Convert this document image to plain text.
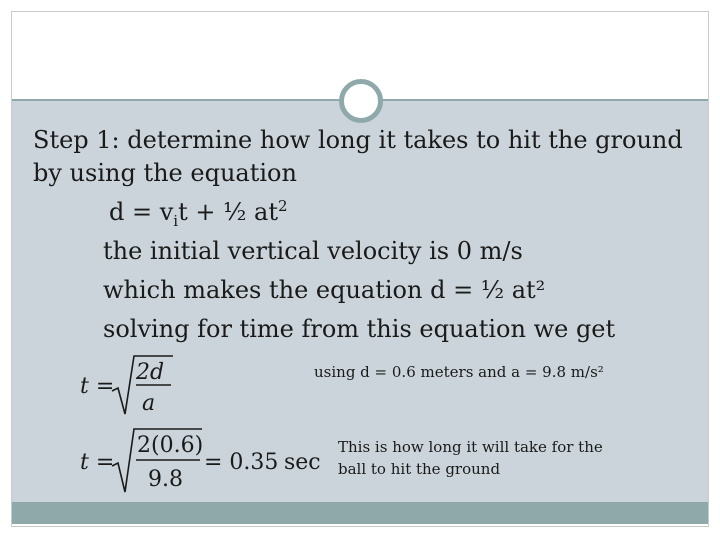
Step 1: determine how long it takes to hit the ground
by using the equation
$d = v_it$ + ½ $at^2$
the initial vertical velocity is 0 m/s
which makes the equation d = ½ at²
solving for time from this equation we get
using d = 0.6 meters and a = 9.8 m/s²
This is how long it will take for the
ball to hit the ground
t =
2d
a
t =
2(0.6)
9.8
= 0.35 sec
